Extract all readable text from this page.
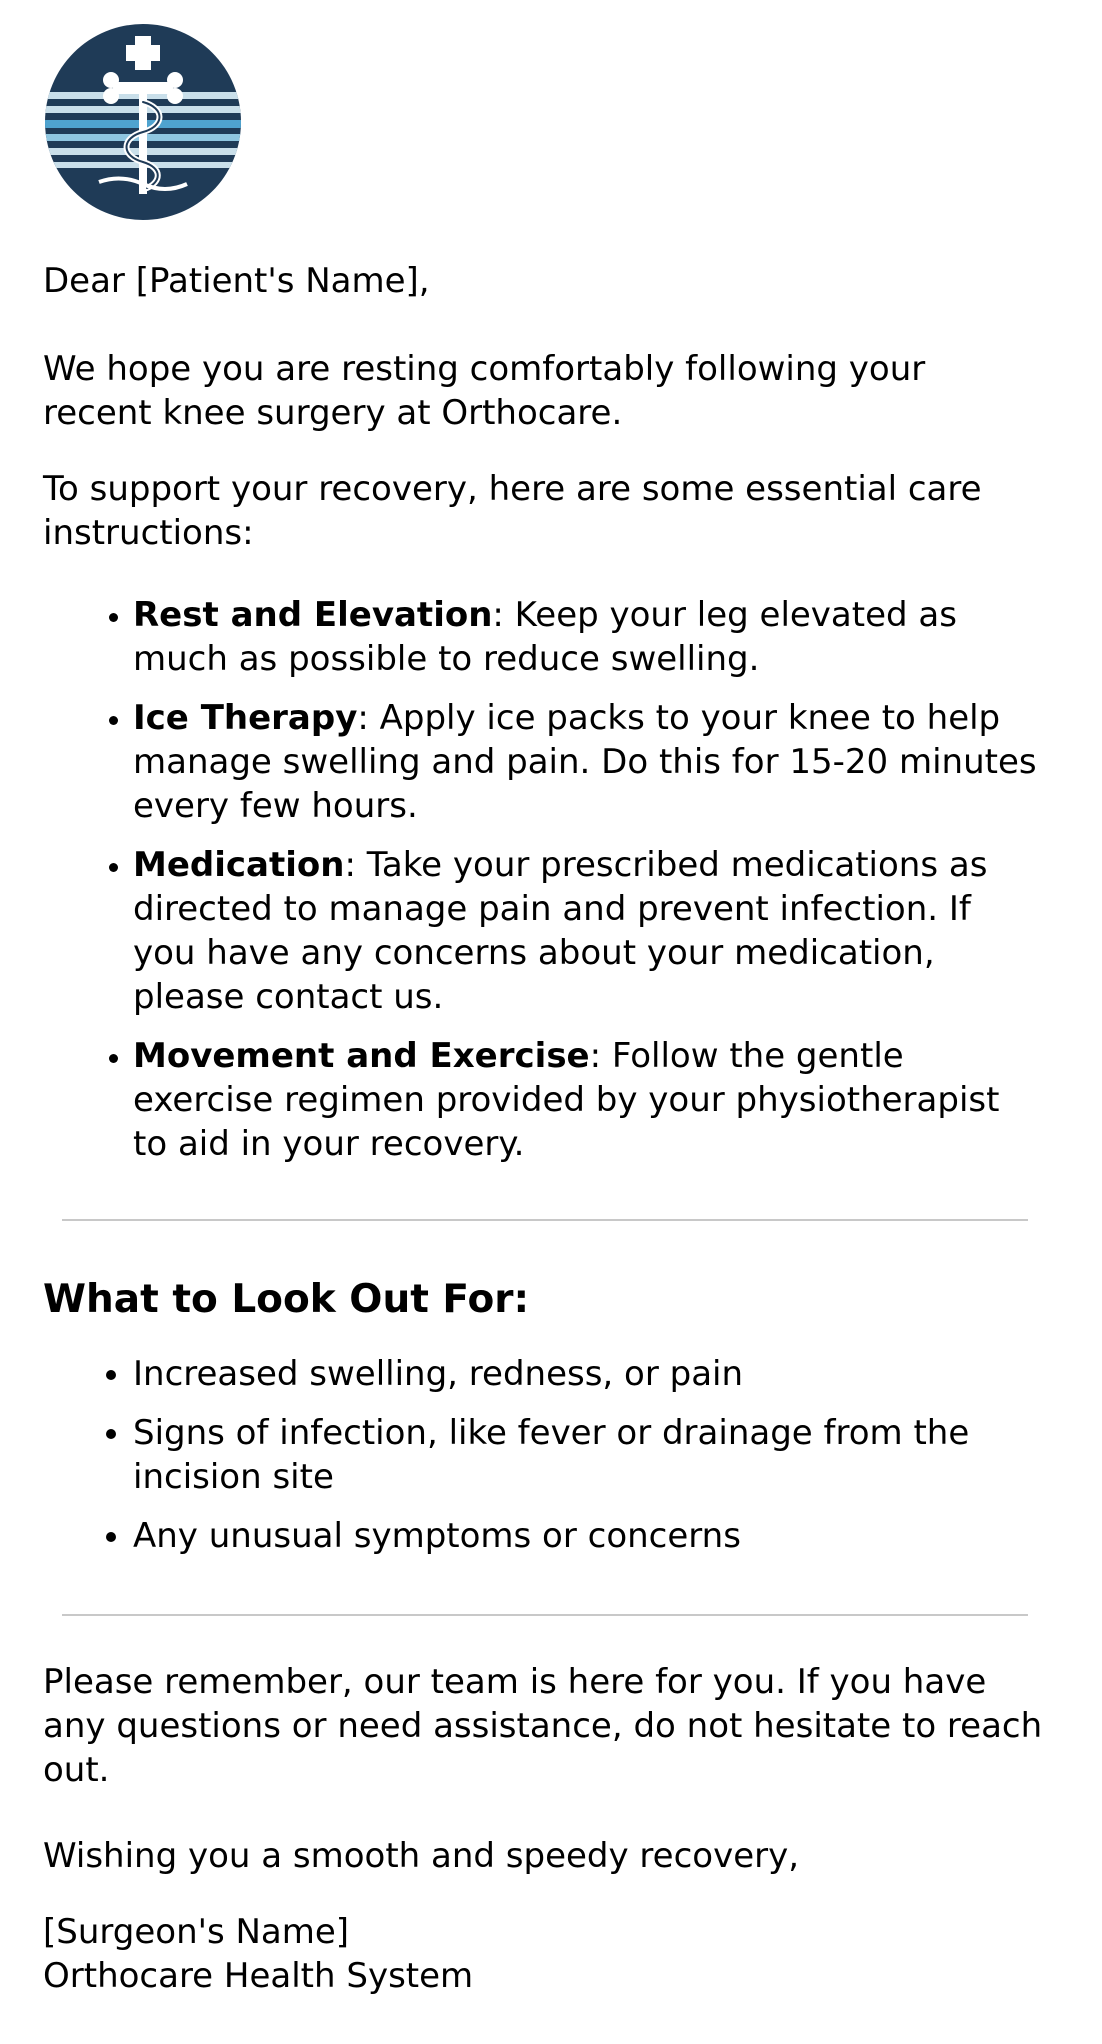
Dear [Patient's Name],

We hope you are resting comfortably following your recent knee surgery at Orthocare.

To support your recovery, here are some essential care instructions:

• Rest and Elevation: Keep your leg elevated as much as possible to reduce swelling.
• Ice Therapy: Apply ice packs to your knee to help manage swelling and pain. Do this for 15-20 minutes every few hours.
• Medication: Take your prescribed medications as directed to manage pain and prevent infection. If you have any concerns about your medication, please contact us.
• Movement and Exercise: Follow the gentle exercise regimen provided by your physiotherapist to aid in your recovery.
What to Look Out For:
• Increased swelling, redness, or pain
• Signs of infection, like fever or drainage from the incision site
• Any unusual symptoms or concerns

Please remember, our team is here for you. If you have any questions or need assistance, do not hesitate to reach out.

Wishing you a smooth and speedy recovery,

[Surgeon's Name]

Orthocare Health System
